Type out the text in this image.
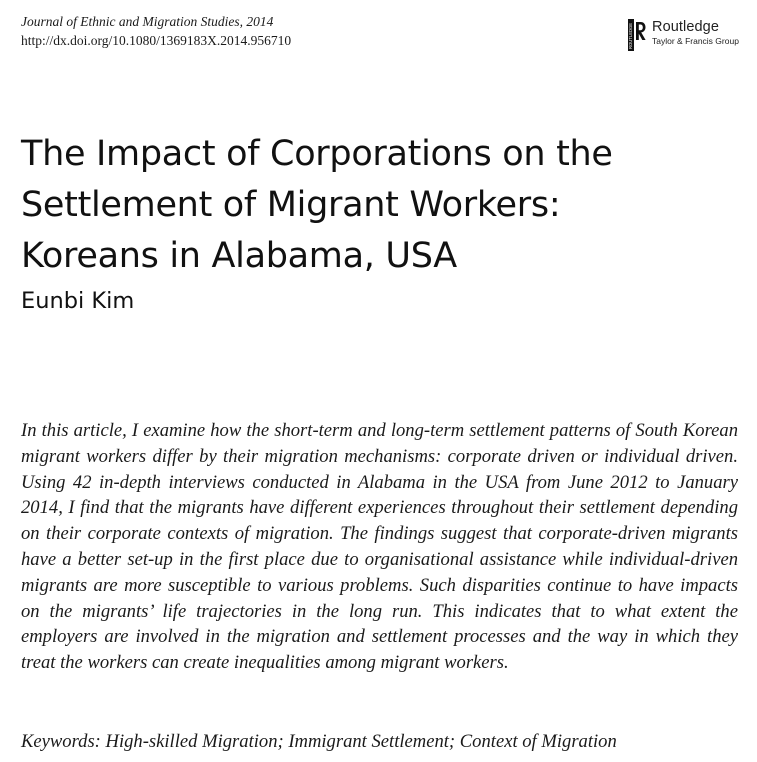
Journal of Ethnic and Migration Studies, 2014
http://dx.doi.org/10.1080/1369183X.2014.956710	ROUTLEDGE Routledge
Taylor & Francis Group
The Impact of Corporations on the
Settlement of Migrant Workers:
Koreans in Alabama, USA
Eunbi Kim

In this article, I examine how the short-term and long-term settlement patterns of South Korean migrant workers differ by their migration mechanisms: corporate driven or individual driven. Using 42 in-depth interviews conducted in Alabama in the USA from June 2012 to January 2014, I find that the migrants have different experiences throughout their settlement depending on their corporate contexts of migration. The findings suggest that corporate-driven migrants have a better set-up in the first place due to organisational assistance while individual-driven migrants are more susceptible to various problems. Such disparities continue to have impacts on the migrants’ life trajectories in the long run. This indicates that to what extent the employers are involved in the migration and settlement processes and the way in which they treat the workers can create inequalities among migrant workers.

Keywords: High-skilled Migration; Immigrant Settlement; Context of Migration
